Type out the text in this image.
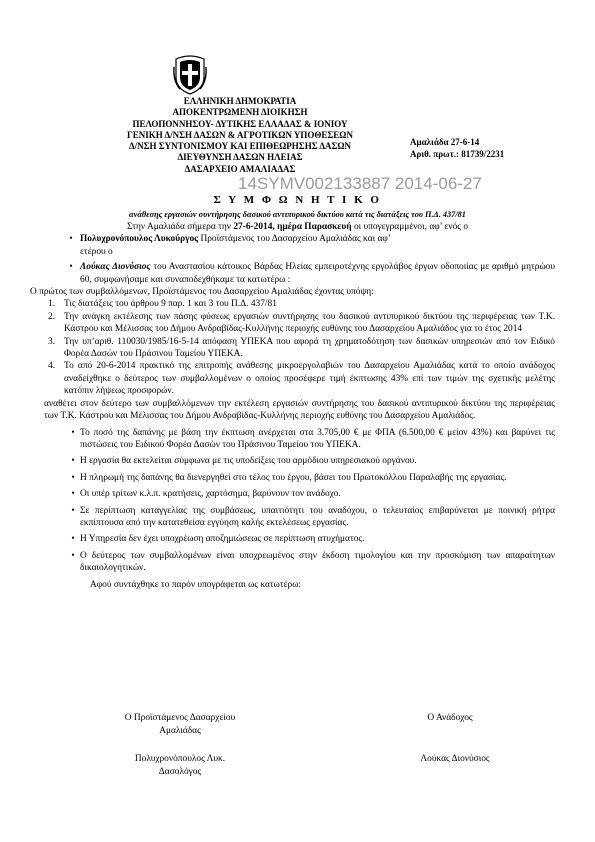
ΕΛΛΗΝΙΚΗ ΔΗΜΟΚΡΑΤΙΑ
ΑΠΟΚΕΝΤΡΩΜΕΝΗ ΔΙΟΙΚΗΣΗ
ΠΕΛΟΠΟΝΝΗΣΟΥ- ΔΥΤΙΚΗΣ ΕΛΛΑΔΑΣ & ΙΟΝΙΟΥ
ΓΕΝΙΚΗ Δ/ΝΣΗ ΔΑΣΩΝ & ΑΓΡΟΤΙΚΩΝ ΥΠΟΘΕΣΕΩΝ
Δ/ΝΣΗ ΣΥΝΤΟΝΙΣΜΟΥ ΚΑΙ ΕΠΙΘΕΩΡΗΣΗΣ ΔΑΣΩΝ
ΔΙΕΥΘΥΝΣΗ ΔΑΣΩΝ ΗΛΕΙΑΣ
ΔΑΣΑΡΧΕΙΟ ΑΜΑΛΙΑΔΑΣ
Αμαλιάδα 27-6-14
Αριθ. πρωτ.: 81739/2231
14SYMV002133887 2014-06-27
Σ Υ Μ Φ Ω Ν Η Τ Ι Κ Ο
ανάθεσης εργασιών συντήρησης δασικού αντιπυρικού δικτύου κατά τις διατάξεις του Π.Δ. 437/81

Στην Αμαλιάδα σήμερα την 27-6-2014, ημέρα Παρασκευή οι υπογεγραμμένοι, αφ’ ενός ο

• Πολυχρονόπουλος Λυκούργος Προϊστάμενος του Δασαρχείου Αμαλιάδας και αφ’

ετέρου ο

• Λούκας Διονύσιος του Αναστασίου κάτοικος Βάρδας Ηλείας εμπειροτέχνης εργολάβος έργων οδοποιίας με αριθμό μητρώου 60, συμφωνήσαμε και συναποδεχθήκαμε τα κατωτέρω :

Ο πρώτος των συμβαλλόμενων, Προϊστάμενος του Δασαρχείου Αμαλιάδας έχοντας υπόψη:

1. Τις διατάξεις του άρθρου 9 παρ. 1 και 3 του Π.Δ. 437/81
2. Την ανάγκη εκτέλεσης των πάσης φύσεως εργασιών συντήρησης του δασικού αντιπυρικού δικτύου της περιφέρειας των Τ.Κ. Κάστρου και Μέλισσας του Δήμου Ανδραβίδας-Κυλλήνης περιοχής ευθύνης του Δασαρχείου Αμαλιάδος για το έτος 2014
3. Την υπ’αριθ. 110030/1985/16-5-14 απόφαση ΥΠΕΚΑ που αφορά τη χρηματοδότηση των δασικών υπηρεσιών από τον Ειδικό Φορέα Δασών του Πράσινου Ταμείου ΥΠΕΚΑ.
4. Το από 20-6-2014 πρακτικό της επιτροπής ανάθεσης μικροεργολαβιών του Δασαρχείου Αμαλιάδας κατά το οποίο ανάδοχος αναδείχθηκε ο δεύτερος των συμβαλλομένων ο οποίος προσέφερε τιμή έκπτωσης 43% επί των τιμών της σχετικής μελέτης κατόπιν λήψεως προσφορών.

αναθέτει στον δεύτερο των συμβαλλόμενων την εκτέλεση εργασιών συντήρησης του δασικού αντιπυρικού δικτύου της περιφέρειας των Τ.Κ. Κάστρου και Μέλισσας του Δήμου Ανδραβίδας-Κυλλήνης περιοχής ευθύνης του Δασαρχείου Αμαλιάδος.

• Το ποσό της δαπάνης με βάση την έκπτωση ανέρχεται στα 3.705,00 € με ΦΠΑ (6.500,00 € μείον 43%) και βαρύνει τις πιστώσεις του Ειδικού Φορέα Δασών του Πράσινου Ταμείου του ΥΠΕΚΑ.
• Η εργασία θα εκτελείται σύμφωνα με τις υποδείξεις του αρμόδιου υπηρεσιακού οργάνου.
• Η πληρωμή της δαπάνης θα διενεργηθεί στο τέλος του έργου, βάσει του Πρωτοκόλλου Παραλαβής της εργασίας.
• Οι υπέρ τρίτων κ.λ.π. κρατήσεις, χαρτόσημα, βαρύνουν τον ανάδοχο.
• Σε περίπτωση καταγγελίας της συμβάσεως, υπαιτιότητι του αναδόχου, ο τελευταίος επιβαρύνεται με ποινική ρήτρα εκπίπτουσα από την κατατεθείσα εγγύηση καλής εκτελέσεως εργασίας.
• Η Υπηρεσία δεν έχει υποχρέωση αποζημιώσεως σε περίπτωση ατυχήματος.
• Ο δεύτερος των συμβαλλομένων είναι υποχρεωμένος στην έκδοση τιμολογίου και την προσκόμιση των απαραίτητων δικαιολογητικών.

Αφού συντάχθηκε το παρόν υπογράφεται ως κατωτέρω:

Ο Προϊστάμενος Δασαρχείου
Αμαλιάδας
Ο Ανάδοχος
Πολυχρονόπουλος Λυκ.
Δασολόγος
Λούκας Διονύσιος
